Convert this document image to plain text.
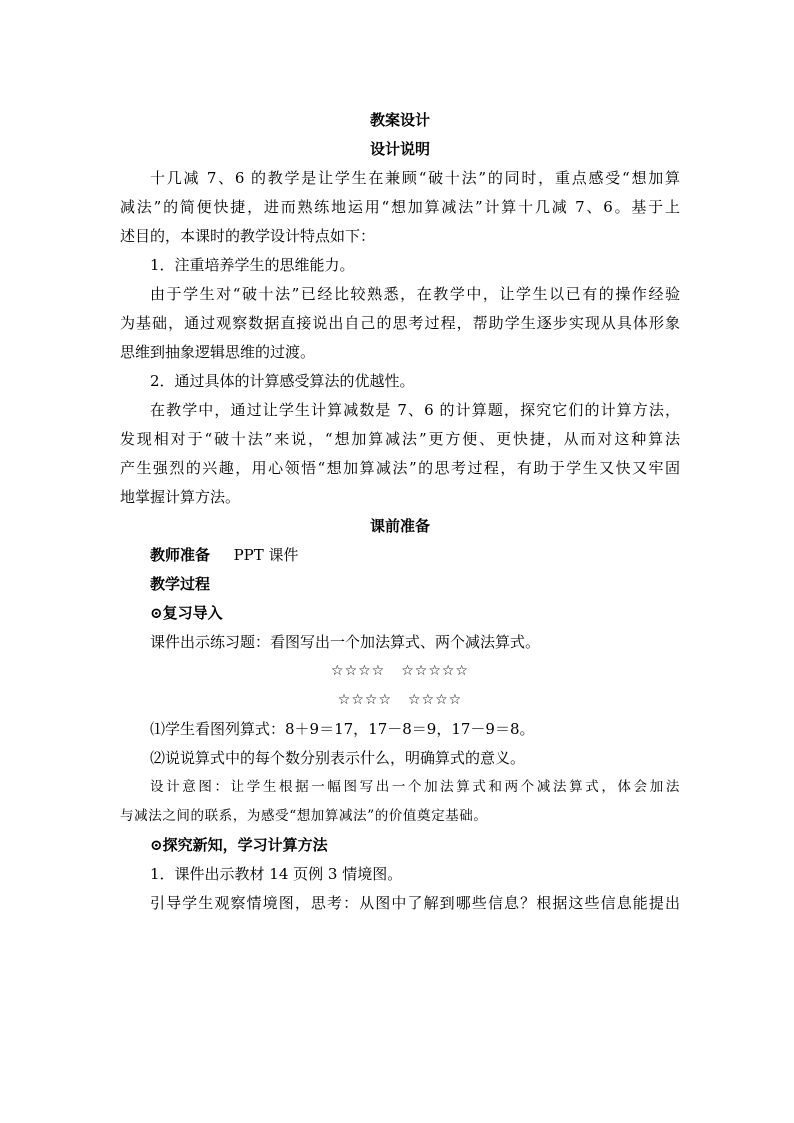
教案设计
设计说明
十几减 7、6 的教学是让学生在兼顾“破十法”的同时，重点感受“想加算
减法”的简便快捷，进而熟练地运用“想加算减法”计算十几减 7、6。基于上
述目的，本课时的教学设计特点如下：
1．注重培养学生的思维能力。
由于学生对“破十法”已经比较熟悉，在教学中，让学生以已有的操作经验
为基础，通过观察数据直接说出自己的思考过程，帮助学生逐步实现从具体形象
思维到抽象逻辑思维的过渡。
2．通过具体的计算感受算法的优越性。
在教学中，通过让学生计算减数是 7、6 的计算题，探究它们的计算方法，
发现相对于“破十法”来说，“想加算减法”更方便、更快捷，从而对这种算法
产生强烈的兴趣，用心领悟“想加算减法”的思考过程，有助于学生又快又牢固
地掌握计算方法。
课前准备
教师准备 PPT 课件
教学过程
⊙复习导入
课件出示练习题：看图写出一个加法算式、两个减法算式。
☆☆☆☆ ☆☆☆☆☆
☆☆☆☆ ☆☆☆☆
⑴学生看图列算式：8＋9＝17，17－8＝9，17－9＝8。
⑵说说算式中的每个数分别表示什么，明确算式的意义。
设计意图：让学生根据一幅图写出一个加法算式和两个减法算式，体会加法
与减法之间的联系，为感受“想加算减法”的价值奠定基础。
⊙探究新知，学习计算方法
1．课件出示教材 14 页例 3 情境图。
引导学生观察情境图，思考：从图中了解到哪些信息？根据这些信息能提出
